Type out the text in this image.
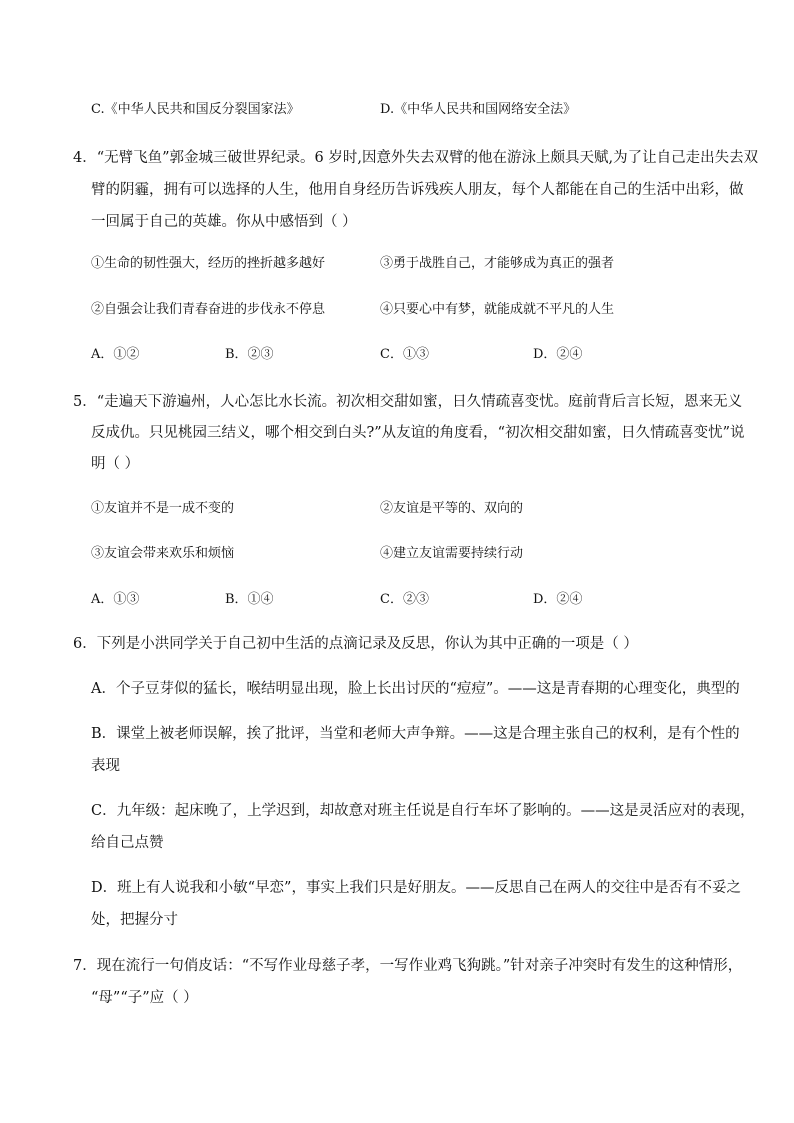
C.《中华人民共和国反分裂国家法》	D.《中华人民共和国网络安全法》
4．“无臂飞鱼”郭金城三破世界纪录。6 岁时,因意外失去双臂的他在游泳上颇具天赋,为了让自己走出失去双
臂的阴霾，拥有可以选择的人生，他用自身经历告诉残疾人朋友，每个人都能在自己的生活中出彩，做
一回属于自己的英雄。你从中感悟到（ ）
①生命的韧性强大，经历的挫折越多越好	③勇于战胜自己，才能够成为真正的强者
②自强会让我们青春奋进的步伐永不停息	④只要心中有梦，就能成就不平凡的人生
A．①②	B．②③	C．①③	D．②④
5．“走遍天下游遍州，人心怎比水长流。初次相交甜如蜜，日久情疏喜变忧。庭前背后言长短，恩来无义
反成仇。只见桃园三结义，哪个相交到白头?”从友谊的角度看，“初次相交甜如蜜，日久情疏喜变忧”说
明（ ）
①友谊并不是一成不变的	②友谊是平等的、双向的
③友谊会带来欢乐和烦恼	④建立友谊需要持续行动
A．①③	B．①④	C．②③	D．②④
6．下列是小洪同学关于自己初中生活的点滴记录及反思，你认为其中正确的一项是（ ）
A．个子豆芽似的猛长，喉结明显出现，脸上长出讨厌的“痘痘”。——这是青春期的心理变化，典型的
B．课堂上被老师误解，挨了批评，当堂和老师大声争辩。——这是合理主张自己的权利，是有个性的
表现
C．九年级：起床晚了，上学迟到，却故意对班主任说是自行车坏了影响的。——这是灵活应对的表现，
给自己点赞
D．班上有人说我和小敏“早恋”，事实上我们只是好朋友。——反思自己在两人的交往中是否有不妥之
处，把握分寸
7．现在流行一句俏皮话：“不写作业母慈子孝，一写作业鸡飞狗跳。”针对亲子冲突时有发生的这种情形，
“母”“子”应（ ）
